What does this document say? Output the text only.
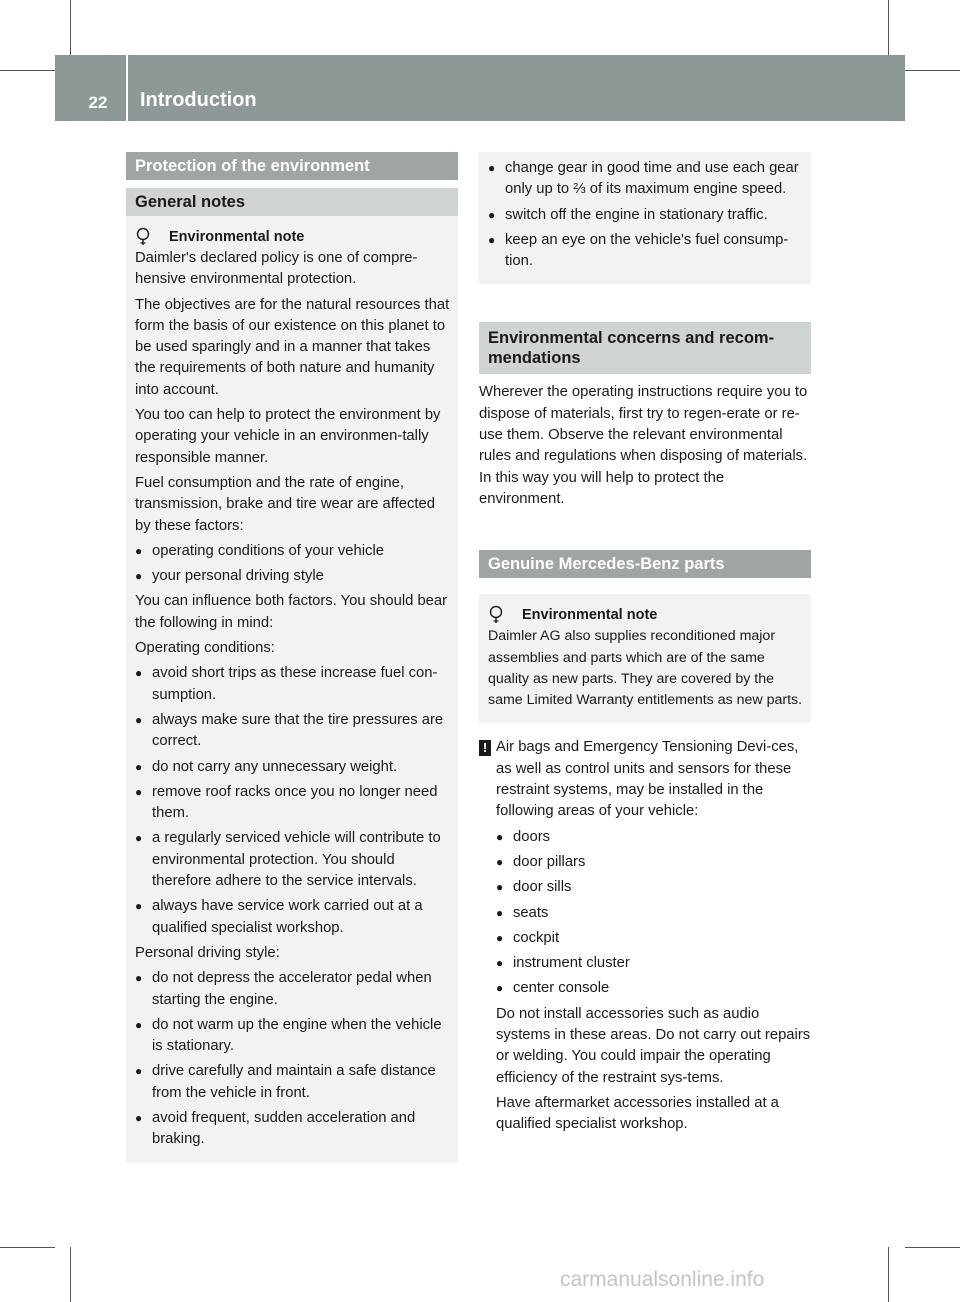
22	Introduction
Protection of the environment
General notes
Environmental note

Daimler's declared policy is one of compre-hensive environmental protection.

The objectives are for the natural resources that form the basis of our existence on this planet to be used sparingly and in a manner that takes the requirements of both nature and humanity into account.

You too can help to protect the environment by operating your vehicle in an environmen-tally responsible manner.

Fuel consumption and the rate of engine, transmission, brake and tire wear are affected by these factors:

● operating conditions of your vehicle
● your personal driving style

You can influence both factors. You should bear the following in mind:

Operating conditions:

● avoid short trips as these increase fuel con-sumption.
● always make sure that the tire pressures are correct.
● do not carry any unnecessary weight.
● remove roof racks once you no longer need them.
● a regularly serviced vehicle will contribute to environmental protection. You should therefore adhere to the service intervals.
● always have service work carried out at a qualified specialist workshop.

Personal driving style:

● do not depress the accelerator pedal when starting the engine.
● do not warm up the engine when the vehicle is stationary.
● drive carefully and maintain a safe distance from the vehicle in front.
● avoid frequent, sudden acceleration and braking.
● change gear in good time and use each gear only up to ⅔ of its maximum engine speed.
● switch off the engine in stationary traffic.
● keep an eye on the vehicle's fuel consump-tion.
Environmental concerns and recom-mendations

Wherever the operating instructions require you to dispose of materials, first try to regen-erate or re-use them. Observe the relevant environmental rules and regulations when disposing of materials. In this way you will help to protect the environment.

Genuine Mercedes-Benz parts
Environmental note

Daimler AG also supplies reconditioned major assemblies and parts which are of the same quality as new parts. They are covered by the same Limited Warranty entitlements as new parts.

! Air bags and Emergency Tensioning Devi-ces, as well as control units and sensors for these restraint systems, may be installed in the following areas of your vehicle:

● doors
● door pillars
● door sills
● seats
● cockpit
● instrument cluster
● center console

Do not install accessories such as audio systems in these areas. Do not carry out repairs or welding. You could impair the operating efficiency of the restraint sys-tems.

Have aftermarket accessories installed at a qualified specialist workshop.

carmanualsonline.info
